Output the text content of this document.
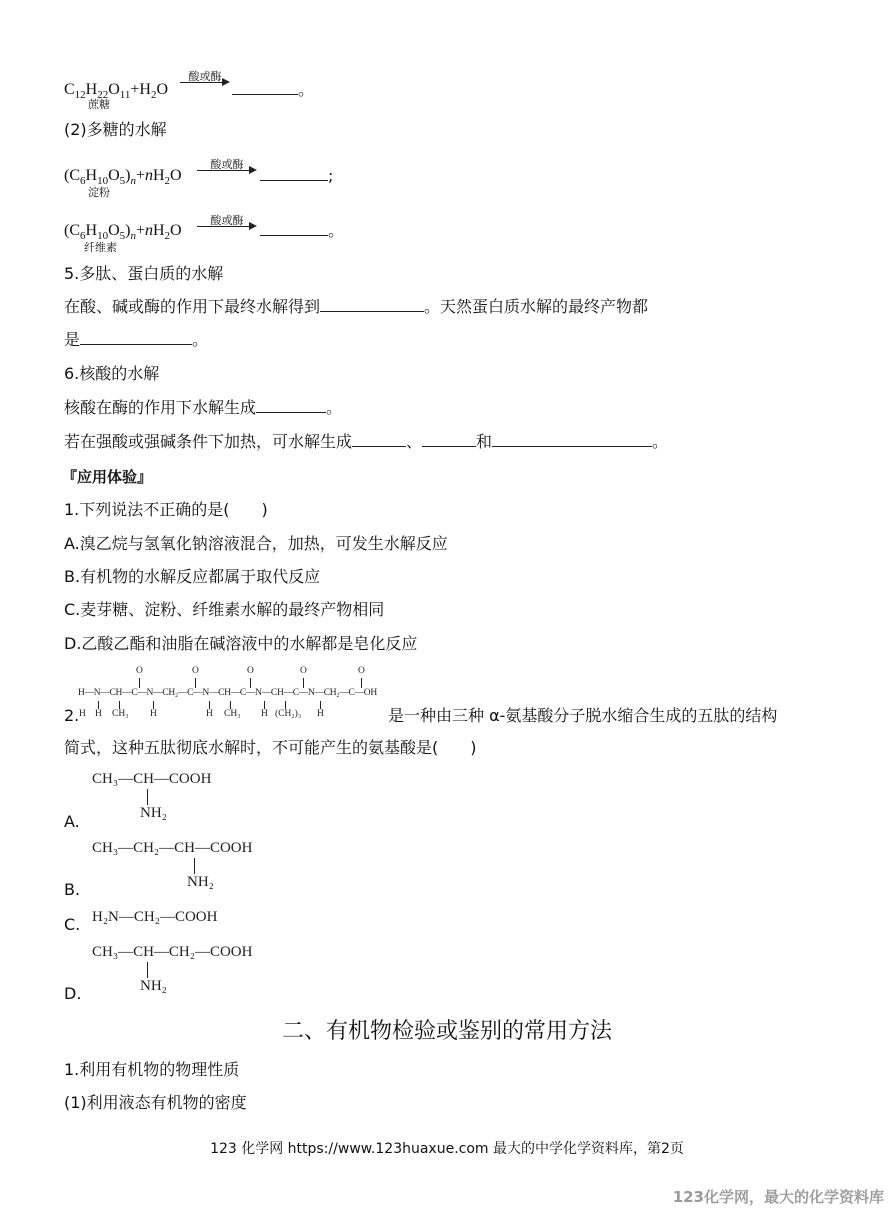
$C_{12}H_{22}O_{11}+H_2O$
蔗糖
酸或酶
。
(2)多糖的水解
$(C_6H_{10}O_5)_n+nH_2O$
淀粉
酸或酶
;
$(C_6H_{10}O_5)_n+nH_2O$
纤维素
酸或酶
。
5.多肽、蛋白质的水解
在酸、碱或酶的作用下最终水解得到	。天然蛋白质水解的最终产物都
是	。
6.核酸的水解
核酸在酶的作用下水解生成	。
若在强酸或强碱条件下加热，可水解生成	、	和	。
『应用体验』
1.下列说法不正确的是(　　)
A.溴乙烷与氢氧化钠溶液混合，加热，可发生水解反应
B.有机物的水解反应都属于取代反应
C.麦芽糖、淀粉、纤维素水解的最终产物相同
D.乙酸乙酯和油脂在碱溶液中的水解都是皂化反应
O	O	O	O	O
H—N—CH—C—N—CH₂—C—N—CH—C—N—CH—C—N—CH₂—C—OH
H CH₃ H	H CH₃ H (CH₂)₃ H
H
2.	是一种由三种 α-氨基酸分子脱水缩合生成的五肽的结构
简式，这种五肽彻底水解时，不可能产生的氨基酸是(　　)
CH₃—CH—COOH
NH₂
A.
CH₃—CH₂—CH—COOH
NH₂
B.
C. H₂N—CH₂—COOH
CH₃—CH—CH₂—COOH
NH₂
D.
二、有机物检验或鉴别的常用方法
1.利用有机物的物理性质
(1)利用液态有机物的密度
123 化学网 https://www.123huaxue.com 最大的中学化学资料库，第2页
123化学网，最大的化学资料库
